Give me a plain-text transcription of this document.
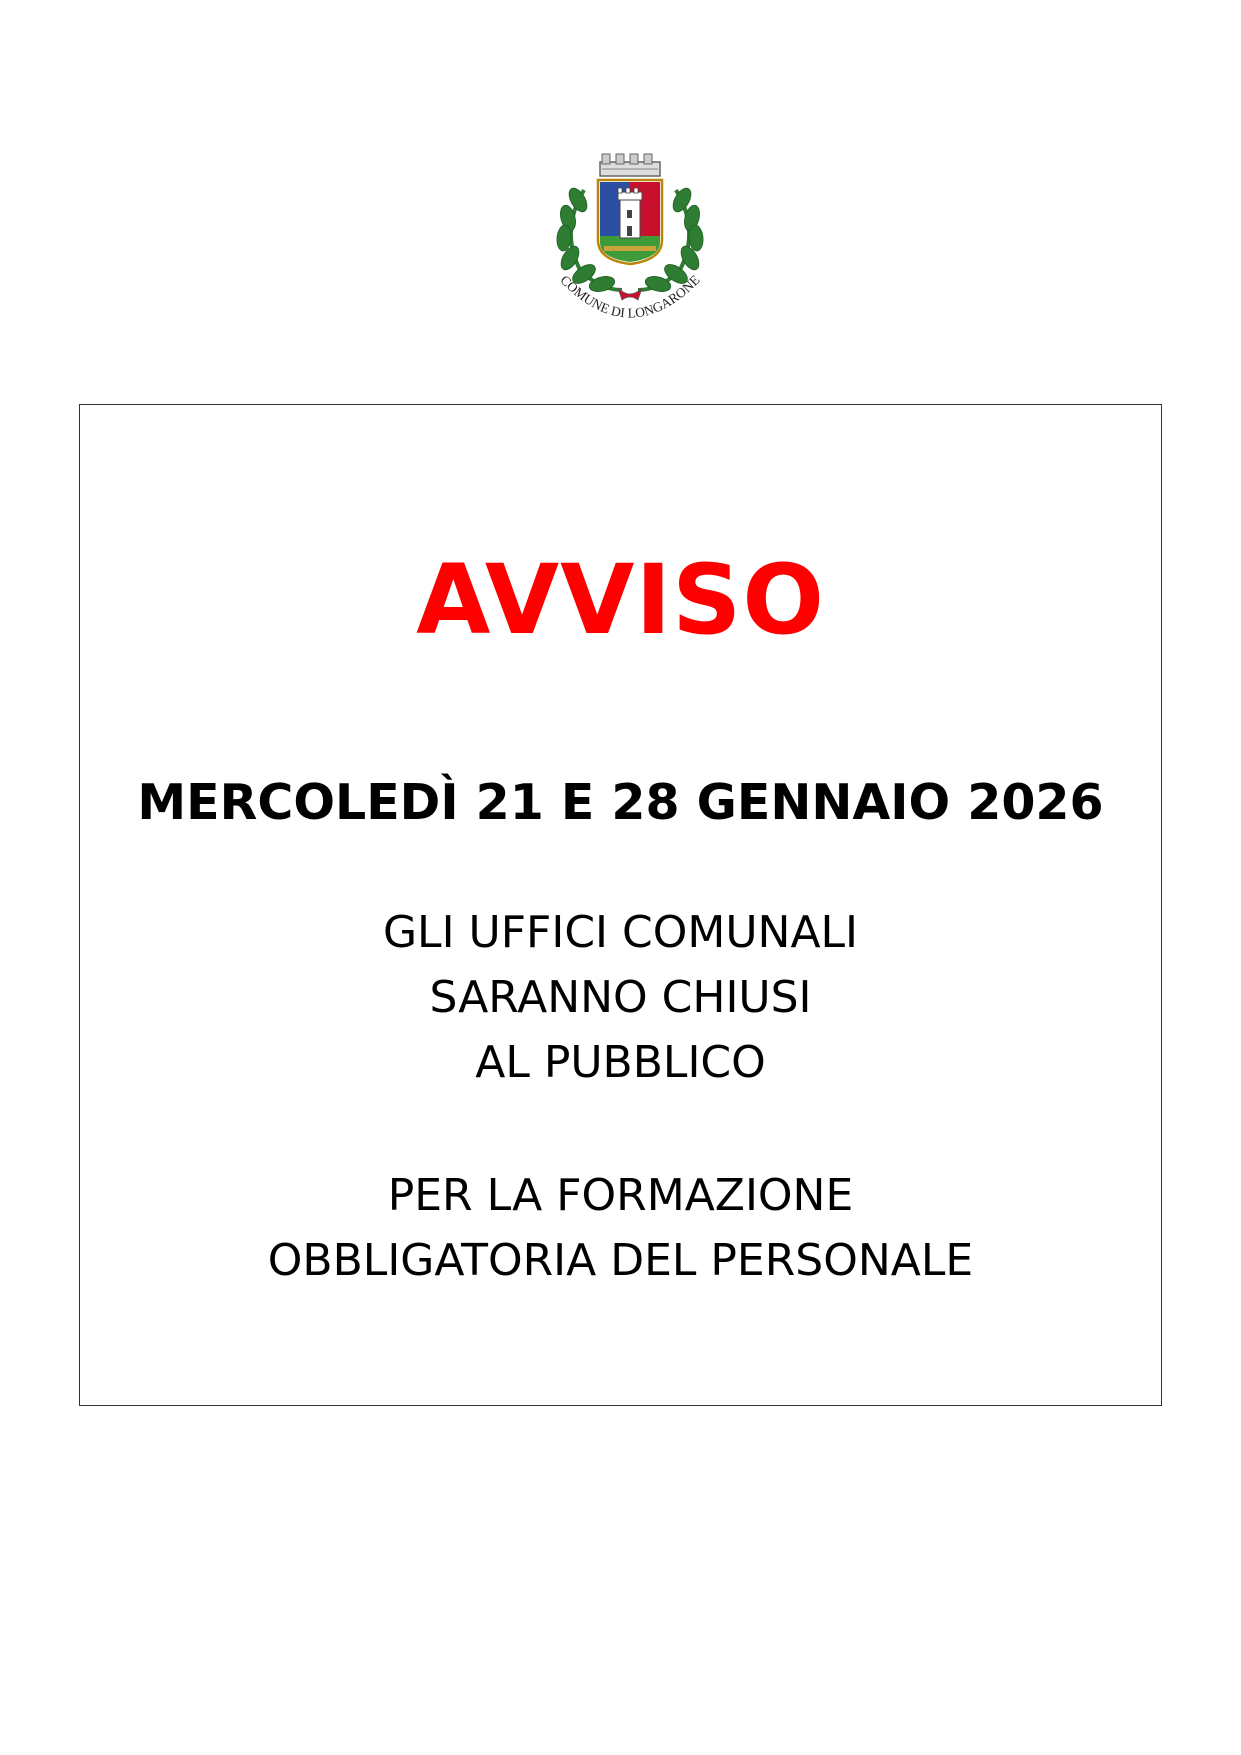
COMUNE DI LONGARONE
AVVISO
MERCOLEDÌ 21 E 28 GENNAIO 2026
GLI UFFICI COMUNALI
SARANNO CHIUSI
AL PUBBLICO
PER LA FORMAZIONE
OBBLIGATORIA DEL PERSONALE
